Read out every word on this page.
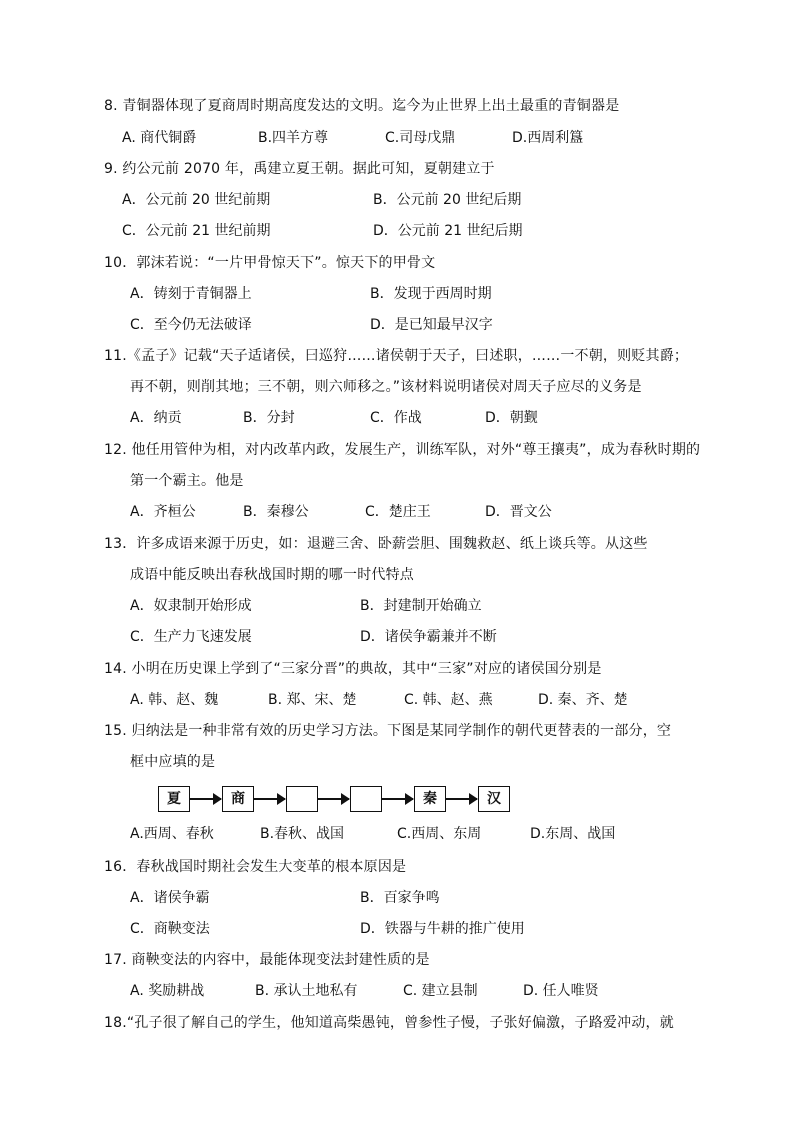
8. 青铜器体现了夏商周时期高度发达的文明。迄今为止世界上出土最重的青铜器是
A. 商代铜爵	B.四羊方尊	C.司母戊鼎	D.西周利簋
9. 约公元前 2070 年，禹建立夏王朝。据此可知，夏朝建立于
A．公元前 20 世纪前期	B．公元前 20 世纪后期
C．公元前 21 世纪前期	D．公元前 21 世纪后期
10．郭沫若说：“一片甲骨惊天下”。惊天下的甲骨文
A．铸刻于青铜器上	B．发现于西周时期
C．至今仍无法破译	D．是已知最早汉字
11.《孟子》记载“天子适诸侯，曰巡狩……诸侯朝于天子，曰述职，……一不朝，则贬其爵；
再不朝，则削其地；三不朝，则六师移之。”该材料说明诸侯对周天子应尽的义务是
A．纳贡	B．分封	C．作战	D．朝觐
12. 他任用管仲为相，对内改革内政，发展生产，训练军队，对外“尊王攘夷”，成为春秋时期的
第一个霸主。他是
A．齐桓公	B．秦穆公	C．楚庄王	D．晋文公
13．许多成语来源于历史，如：退避三舍、卧薪尝胆、围魏救赵、纸上谈兵等。从这些
成语中能反映出春秋战国时期的哪一时代特点
A．奴隶制开始形成	B．封建制开始确立
C．生产力飞速发展	D．诸侯争霸兼并不断
14. 小明在历史课上学到了“三家分晋”的典故，其中“三家”对应的诸侯国分别是
A. 韩、赵、魏	B. 郑、宋、楚	C. 韩、赵、燕	D. 秦、齐、楚
15. 归纳法是一种非常有效的历史学习方法。下图是某同学制作的朝代更替表的一部分，空
框中应填的是
夏	商	秦	汉
A.西周、春秋	B.春秋、战国	C.西周、东周	D.东周、战国
16．春秋战国时期社会发生大变革的根本原因是
A．诸侯争霸	B．百家争鸣
C．商鞅变法	D．铁器与牛耕的推广使用
17. 商鞅变法的内容中，最能体现变法封建性质的是
A. 奖励耕战	B. 承认土地私有	C. 建立县制	D. 任人唯贤
18.“孔子很了解自己的学生，他知道高柴愚钝，曾参性子慢，子张好偏激，子路爱冲动，就
